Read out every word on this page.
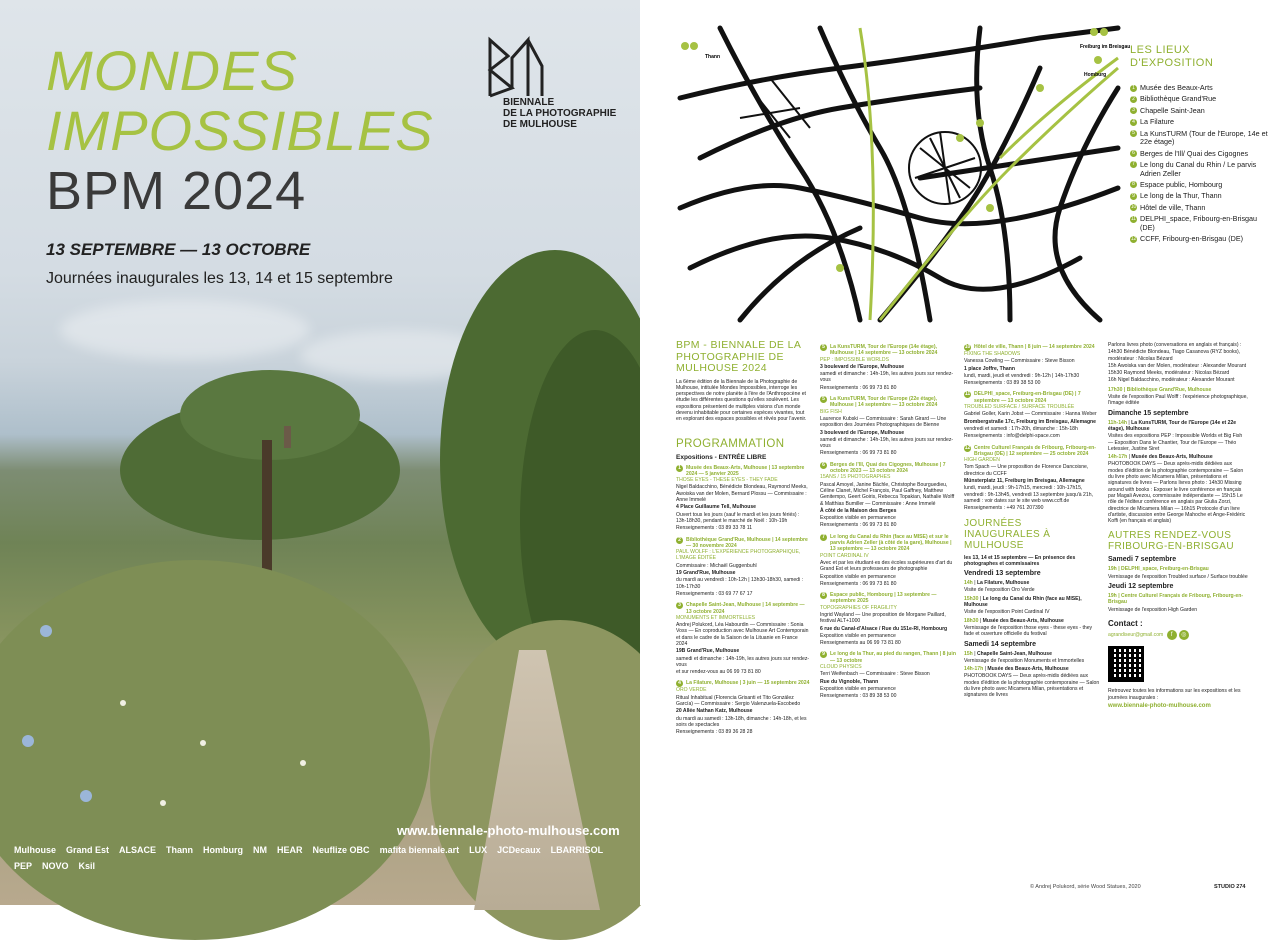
MONDES
IMPOSSIBLES
BPM 2024
13 SEPTEMBRE — 13 OCTOBRE
Journées inaugurales les 13, 14 et 15 septembre
BIENNALE
DE LA PHOTOGRAPHIE
DE MULHOUSE
www.biennale-photo-mulhouse.com
Mulhouse Grand Est ALSACE Thann Homburg NM HEAR Neuflize OBC mafita biennale.art LUX JCDecaux LBARRISOL
PEP NOVO Ksil
Thann
Freiburg im Breisgau
Homburg
D430
D20
LES LIEUX
D'EXPOSITION
1 Musée des Beaux-Arts
2 Bibliothèque Grand'Rue
3 Chapelle Saint-Jean
4 La Filature
5 La KunsTURM (Tour de l'Europe, 14e et 22e étage)
6 Berges de l'Ill/ Quai des Cigognes
7 Le long du Canal du Rhin / Le parvis Adrien Zeller
8 Espace public, Hombourg
9 Le long de la Thur, Thann
10 Hôtel de ville, Thann
11 DELPHI_space, Fribourg-en-Brisgau (DE)
12 CCFF, Fribourg-en-Brisgau (DE)
BPM - BIENNALE DE LA PHOTOGRAPHIE DE MULHOUSE 2024

La 6ème édition de la Biennale de la Photographie de Mulhouse, intitulée Mondes Impossibles, interroge les perspectives de notre planète à l'ère de l'Anthropocène et étudie les différentes questions qu'elles soulèvent. Les expositions présentent de multiples visions d'un monde devenu inhabitable pour certaines espèces vivantes, tout en explorant des espaces possibles et rêvés pour l'avenir.

PROGRAMMATION

Expositions - ENTRÉE LIBRE

1	Musée des Beaux-Arts, Mulhouse | 13 septembre 2024 — 5 janvier 2025

THOSE EYES - THESE EYES - THEY FADE

Nigel Baldacchino, Bénédicte Blondeau, Raymond Meeks, Awoiska van der Molen, Bernard Plossu — Commissaire : Anne Immelé

4 Place Guillaume Tell, Mulhouse

Ouvert tous les jours (sauf le mardi et les jours fériés) : 13h-18h30, pendant le marché de Noël : 10h-19h

Renseignements : 03 89 33 78 11

2	Bibliothèque Grand'Rue, Mulhouse | 14 septembre — 30 novembre 2024

PAUL WOLFF : L'EXPÉRIENCE PHOTOGRAPHIQUE, L'IMAGE ÉDITÉE

Commissaire : Michaël Guggenbuhl

19 Grand'Rue, Mulhouse

du mardi au vendredi : 10h-12h | 13h30-18h30, samedi : 10h-17h30

Renseignements : 03 69 77 67 17

3	Chapelle Saint-Jean, Mulhouse | 14 septembre — 13 octobre 2024

MONUMENTS ET IMMORTELLES

Andrej Polukord, Léa Habourdin — Commissaire : Sonia Voss — En coproduction avec Mulhouse Art Contemporain et dans le cadre de la Saison de la Lituanie en France 2024

19B Grand'Rue, Mulhouse

samedi et dimanche : 14h-19h, les autres jours sur rendez-vous

et sur rendez-vous au 06 99 73 81 80

4	La Filature, Mulhouse | 3 juin — 15 septembre 2024

ORO VERDE

Ritual Inhabitual (Florencia Grisanti et Tito González García) — Commissaire : Sergio Valenzuela-Escobedo

20 Allée Nathan Katz, Mulhouse

du mardi au samedi : 13h-18h, dimanche : 14h-18h, et les soirs de spectacles

Renseignements : 03 89 36 28 28

5	La KunsTURM, Tour de l'Europe (14e étage), Mulhouse | 14 septembre — 13 octobre 2024

PEP : IMPOSSIBLE WORLDS

3 boulevard de l'Europe, Mulhouse

samedi et dimanche : 14h-19h, les autres jours sur rendez-vous

Renseignements : 06 99 73 81 80

5	La KunsTURM, Tour de l'Europe (22e étage), Mulhouse | 14 septembre — 13 octobre 2024

BIG FISH

Laurence Kubski — Commissaire : Sarah Girard — Une exposition des Journées Photographiques de Bienne

3 boulevard de l'Europe, Mulhouse

samedi et dimanche : 14h-19h, les autres jours sur rendez-vous

Renseignements : 06 99 73 81 80

6	Berges de l'Ill, Quai des Cigognes, Mulhouse | 7 octobre 2023 — 13 octobre 2024

15ANS / 15 PHOTOGRAPHES

Pascal Amoyel, Janine Bächle, Christophe Bourguedieu, Céline Clanet, Michel François, Paul Gaffney, Matthew Genitempo, Geert Goiris, Rebecca Topakian, Nathalie Wolff & Matthias Bumiller — Commissaire : Anne Immelé

À côté de la Maison des Berges

Exposition visible en permanence

Renseignements : 06 99 73 81 80

7	Le long du Canal du Rhin (face au MISE) et sur le parvis Adrien Zeller (à côté de la gare), Mulhouse | 13 septembre — 13 octobre 2024

POINT CARDINAL IV

Avec et par les étudiant·es des écoles supérieures d'art du Grand Est et leurs professeurs de photographie

Exposition visible en permanence

Renseignements : 06 99 73 81 80

8	Espace public, Hombourg | 13 septembre — septembre 2025

TOPOGRAPHIES OF FRAGILITY

Ingrid Wayland — Une proposition de Morgane Paillard, festival ALT+1000

6 rue du Canal-d'Alsace / Rue du 151e-RI, Hombourg

Exposition visible en permanence

Renseignements au 06 99 73 81 80

9	Le long de la Thur, au pied du rangen, Thann | 8 juin — 13 octobre

CLOUD PHYSICS

Terri Weifenbach — Commissaire : Steve Bisson

Rue du Vignoble, Thann

Exposition visible en permanence

Renseignements : 03 89 38 53 00

10 Hôtel de ville, Thann | 8 juin — 14 septembre 2024

FIXING THE SHADOWS

Vanessa Cowling — Commissaire : Steve Bisson

1 place Joffre, Thann

lundi, mardi, jeudi et vendredi : 9h-12h | 14h-17h30

Renseignements : 03 89 38 53 00

11 DELPHI_space, Freiburg-en-Brisgau (DE) | 7 septembre — 13 octobre 2024

TROUBLED SURFACE / SURFACE TROUBLÉE

Gabriel Goller, Karin Jobst — Commissaire : Hanna Weber

Brombergstraße 17c, Freiburg im Breisgau, Allemagne

vendredi et samedi : 17h-20h, dimanche : 15h-18h

Renseignements : info@delphi-space.com

12 Centre Culturel Français de Fribourg, Fribourg-en-Brisgau (DE) | 12 septembre — 25 octobre 2024

HIGH GARDEN

Tom Spach — Une proposition de Florence Dancoisne, directrice du CCFF

Münsterplatz 11, Freiburg im Breisgau, Allemagne

lundi, mardi, jeudi : 9h-17h15, mercredi : 10h-17h15, vendredi : 9h-13h45, vendredi 13 septembre jusqu'à 21h, samedi : voir dates sur le site web www.ccff.de

Renseignements : +49 761 207390

JOURNÉES INAUGURALES À MULHOUSE

les 13, 14 et 15 septembre — En présence des photographes et commissaires

Vendredi 13 septembre

14h | La Filature, Mulhouse

Visite de l'exposition Oro Verde

15h30 | Le long du Canal du Rhin (face au MISE), Mulhouse

Visite de l'exposition Point Cardinal IV

18h30 | Musée des Beaux-Arts, Mulhouse

Vernissage de l'exposition those eyes - these eyes - they fade et ouverture officielle du festival

Samedi 14 septembre

15h | Chapelle Saint-Jean, Mulhouse

Vernissage de l'exposition Monuments et Immortelles

14h-17h | Musée des Beaux-Arts, Mulhouse

PHOTOBOOK DAYS — Deux après-midis dédiées aux modes d'édition de la photographie contemporaine — Salon du livre photo avec Micamera Milan, présentations et signatures de livres

Parlons livres photo (conversations en anglais et français) :

14h30 Bénédicte Blondeau, Tiago Casanova (RYZ books), modérateur : Nicolas Bézard

15h Awoiska van der Molen, modérateur : Alexander Mourant

15h30 Raymond Meeks, modérateur : Nicolas Bézard

16h Nigel Baldacchino, modérateur : Alexander Mourant

17h30 | Bibliothèque Grand'Rue, Mulhouse

Visite de l'exposition Paul Wolff : l'expérience photographique, l'image éditée

Dimanche 15 septembre

11h-14h | La KunsTURM, Tour de l'Europe (14e et 22e étage), Mulhouse

Visites des expositions PEP : Impossible Worlds et Big Fish — Exposition Dans le Chantier, Tour de l'Europe — Théo Letessier, Justine Siret

14h-17h | Musée des Beaux-Arts, Mulhouse

PHOTOBOOK DAYS — Deux après-midis dédiées aux modes d'édition de la photographie contemporaine — Salon du livre photo avec Micamera Milan, présentations et signatures de livres — Parlons livres photo : 14h30 Missing around with books : Exposer le livre conférence en français par Magali Avezou, commissaire indépendante — 15h15 Le rôle de l'éditeur conférence en anglais par Giulia Zorzi, directrice de Micamera Milan — 16h15 Protocole d'un livre d'artiste, discussion entre George Mahoche et Ange-Frédéric Koffi (en français et anglais)

AUTRES RENDEZ-VOUS FRIBOURG-EN-BRISGAU
Samedi 7 septembre

19h | DELPHI_space, Freiburg-en-Brisgau

Vernissage de l'exposition Troubled surface / Surface troublée

Jeudi 12 septembre

19h | Centre Culturel Français de Fribourg, Fribourg-en-Brisgau

Vernissage de l'exposition High Garden

Contact :

agrandiseur@gmail.com f ◎

Retrouvez toutes les informations sur les expositions et les journées inaugurales :

www.biennale-photo-mulhouse.com

© Andrej Polukord, série Wood Statues, 2020	STUDIO 274
